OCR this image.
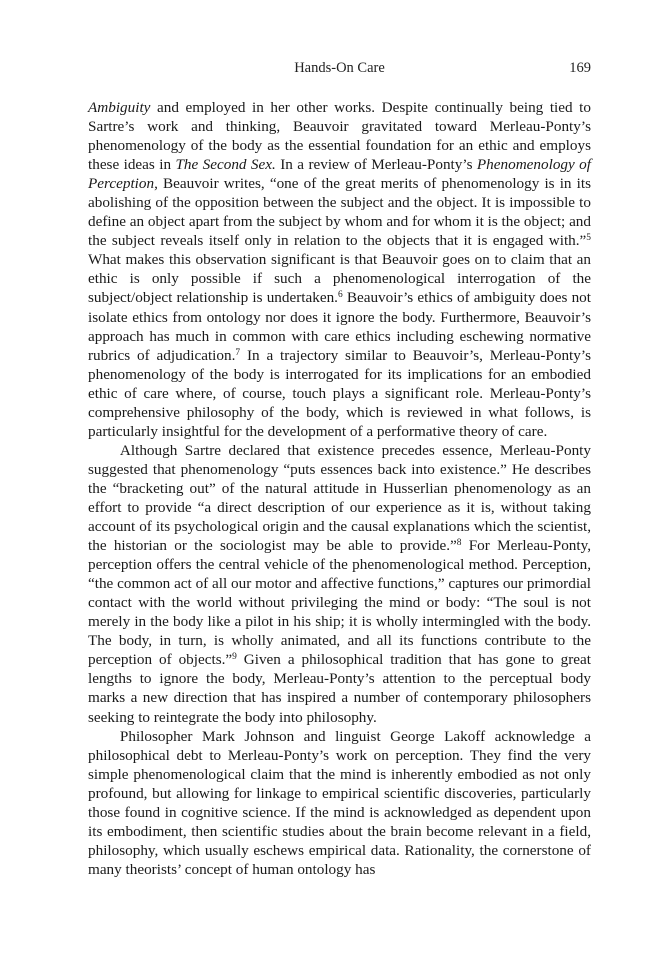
Hands-On Care	169

Ambiguity and employed in her other works. Despite continually being tied to Sartre’s work and thinking, Beauvoir gravitated toward Merleau-Ponty’s phenomenology of the body as the essential foundation for an ethic and employs these ideas in The Second Sex. In a review of Merleau-Ponty’s Phenomenology of Perception, Beauvoir writes, “one of the great merits of phenomenology is in its abolishing of the opposition between the subject and the object. It is impossible to define an object apart from the subject by whom and for whom it is the object; and the subject reveals itself only in relation to the objects that it is engaged with.”$^5$ What makes this observation significant is that Beauvoir goes on to claim that an ethic is only possible if such a phenomenological interrogation of the subject/object relationship is undertaken.$^6$ Beauvoir’s ethics of ambiguity does not isolate ethics from ontology nor does it ignore the body. Furthermore, Beauvoir’s approach has much in common with care ethics including eschewing normative rubrics of adjudication.$^7$ In a trajectory similar to Beauvoir’s, Merleau-Ponty’s phenomenology of the body is interrogated for its implications for an embodied ethic of care where, of course, touch plays a significant role. Merleau-Ponty’s comprehensive philosophy of the body, which is reviewed in what follows, is particularly insightful for the development of a performative theory of care.

Although Sartre declared that existence precedes essence, Merleau-Ponty suggested that phenomenology “puts essences back into existence.” He describes the “bracketing out” of the natural attitude in Husserlian phenomenology as an effort to provide “a direct description of our experience as it is, without taking account of its psychological origin and the causal explanations which the scientist, the historian or the sociologist may be able to provide.”$^8$ For Merleau-Ponty, perception offers the central vehicle of the phenomenological method. Perception, “the common act of all our motor and affective functions,” captures our primordial contact with the world without privileging the mind or body: “The soul is not merely in the body like a pilot in his ship; it is wholly intermingled with the body. The body, in turn, is wholly animated, and all its functions contribute to the perception of objects.”$^9$ Given a philosophical tradition that has gone to great lengths to ignore the body, Merleau-Ponty’s attention to the perceptual body marks a new direction that has inspired a number of contemporary philosophers seeking to reintegrate the body into philosophy.

Philosopher Mark Johnson and linguist George Lakoff acknowledge a philosophical debt to Merleau-Ponty’s work on perception. They find the very simple phenomenological claim that the mind is inherently embodied as not only profound, but allowing for linkage to empirical scientific discoveries, particularly those found in cognitive science. If the mind is acknowledged as dependent upon its embodiment, then scientific studies about the brain become relevant in a field, philosophy, which usually eschews empirical data. Rationality, the cornerstone of many theorists’ concept of human ontology has
